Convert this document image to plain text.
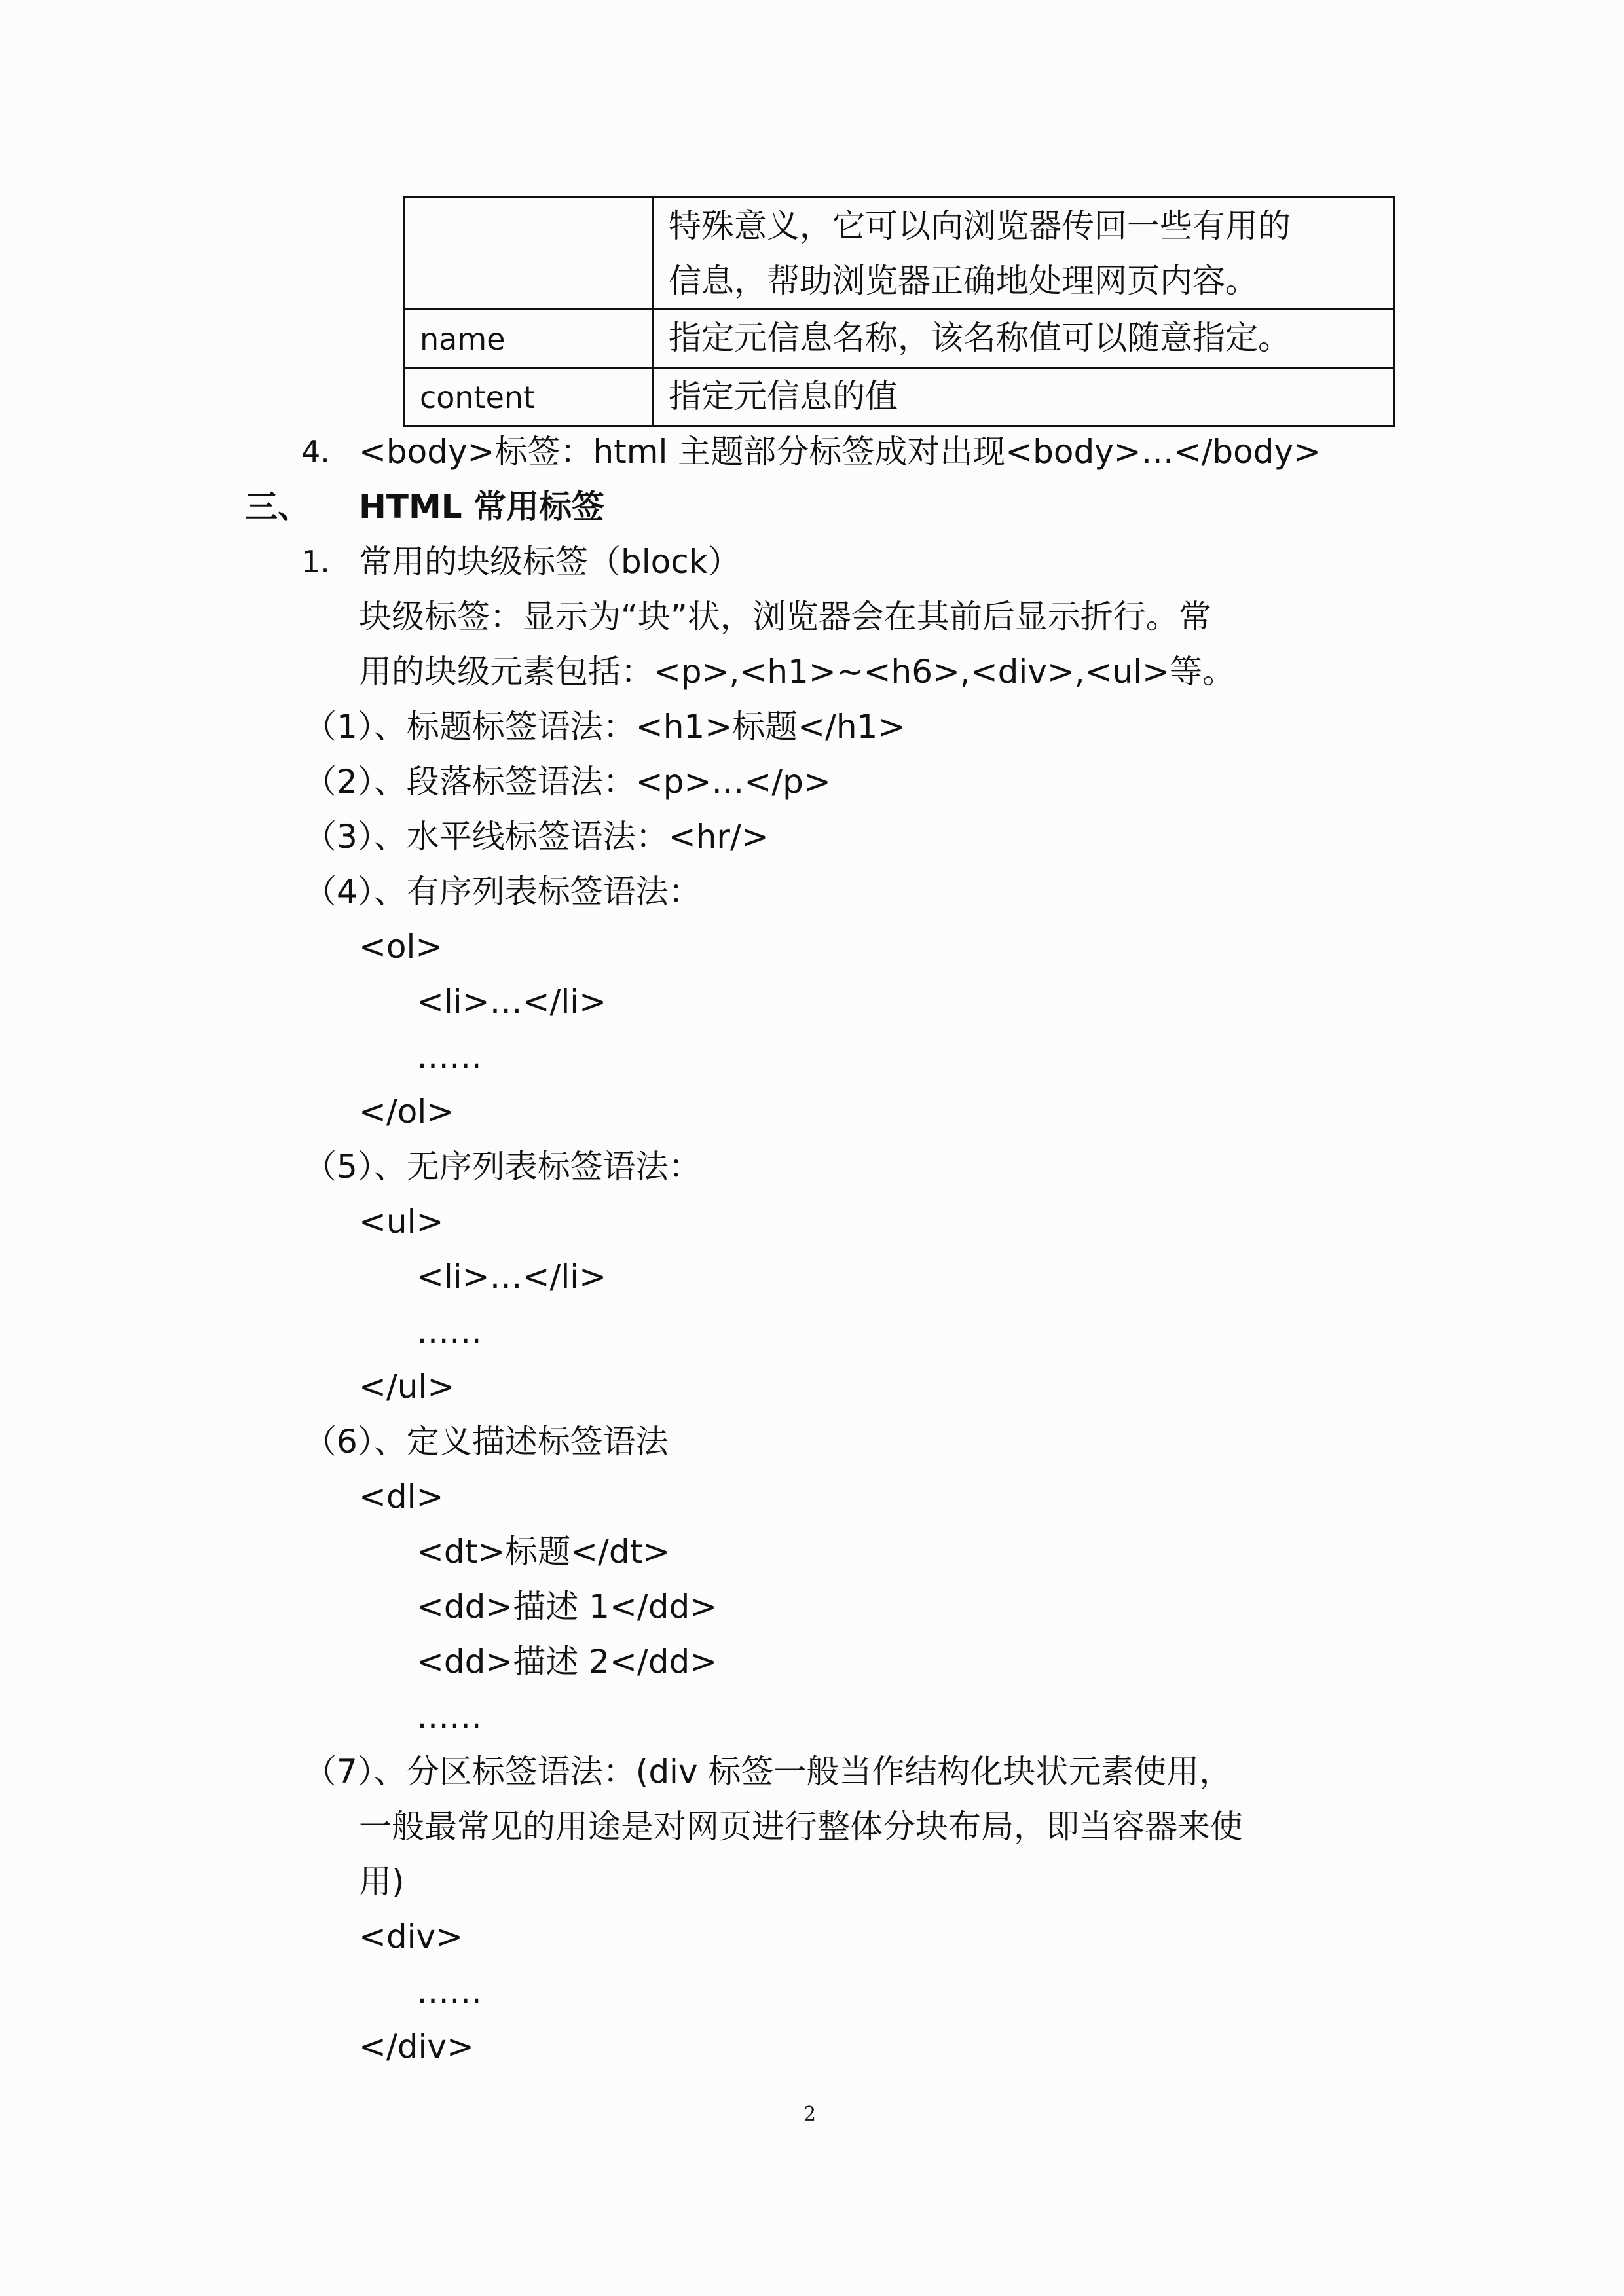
	特殊意义，它可以向浏览器传回一些有用的
信息，帮助浏览器正确地处理网页内容。

name	指定元信息名称，该名称值可以随意指定。
content	指定元信息的值
4. <body>标签：html 主题部分标签成对出现<body>…</body>
三、 HTML 常用标签
1. 常用的块级标签（block）
块级标签：显示为“块”状，浏览器会在其前后显示折行。常
用的块级元素包括：<p>,<h1>~<h6>,<div>,<ul>等。
（1）、标题标签语法：<h1>标题</h1>
（2）、段落标签语法：<p>…</p>
（3）、水平线标签语法：<hr/>
（4）、有序列表标签语法：
<ol>
<li>…</li>
……
</ol>
（5）、无序列表标签语法：
<ul>
<li>…</li>
……
</ul>
（6）、定义描述标签语法
<dl>
<dt>标题</dt>
<dd>描述 1</dd>
<dd>描述 2</dd>
……
（7）、分区标签语法：(div 标签一般当作结构化块状元素使用，
一般最常见的用途是对网页进行整体分块布局，即当容器来使
用)
<div>
……
</div>
2
